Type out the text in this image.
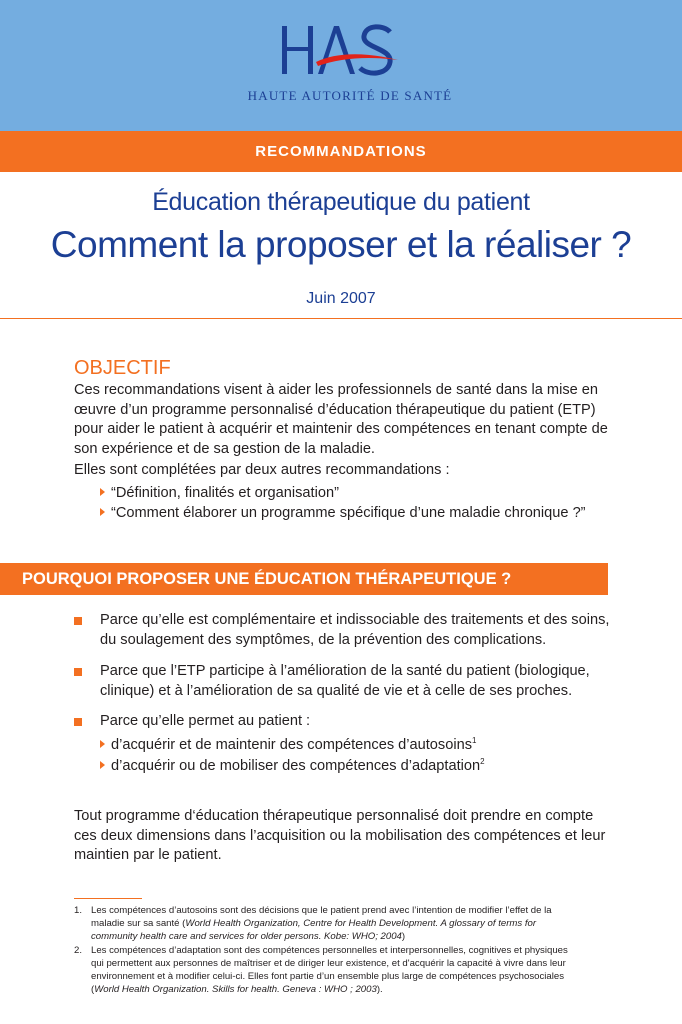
HAUTE AUTORITÉ DE SANTÉ
RECOMMANDATIONS
Éducation thérapeutique du patient
Comment la proposer et la réaliser ?
Juin 2007
OBJECTIF
Ces recommandations visent à aider les professionnels de santé dans la mise en
œuvre d’un programme personnalisé d’éducation thérapeutique du patient (ETP)
pour aider le patient à acquérir et maintenir des compétences en tenant compte de
son expérience et de sa gestion de la maladie.
Elles sont complétées par deux autres recommandations :
“Définition, finalités et organisation”
“Comment élaborer un programme spécifique d’une maladie chronique ?”
POURQUOI PROPOSER UNE ÉDUCATION THÉRAPEUTIQUE ?
Parce qu’elle est complémentaire et indissociable des traitements et des soins,
du soulagement des symptômes, de la prévention des complications.
Parce que l’ETP participe à l’amélioration de la santé du patient (biologique,
clinique) et à l’amélioration de sa qualité de vie et à celle de ses proches.
Parce qu’elle permet au patient :
d’acquérir et de maintenir des compétences d’autosoins$^1$
d’acquérir ou de mobiliser des compétences d’adaptation$^2$
Tout programme d‘éducation thérapeutique personnalisé doit prendre en compte
ces deux dimensions dans l’acquisition ou la mobilisation des compétences et leur
maintien par le patient.
1. Les compétences d’autosoins sont des décisions que le patient prend avec l’intention de modifier l’effet de la
maladie sur sa santé (World Health Organization, Centre for Health Development. A glossary of terms for
community health care and services for older persons. Kobe: WHO; 2004)
2. Les compétences d’adaptation sont des compétences personnelles et interpersonnelles, cognitives et physiques
qui permettent aux personnes de maîtriser et de diriger leur existence, et d'acquérir la capacité à vivre dans leur
environnement et à modifier celui-ci. Elles font partie d’un ensemble plus large de compétences psychosociales
(World Health Organization. Skills for health. Geneva : WHO ; 2003).
